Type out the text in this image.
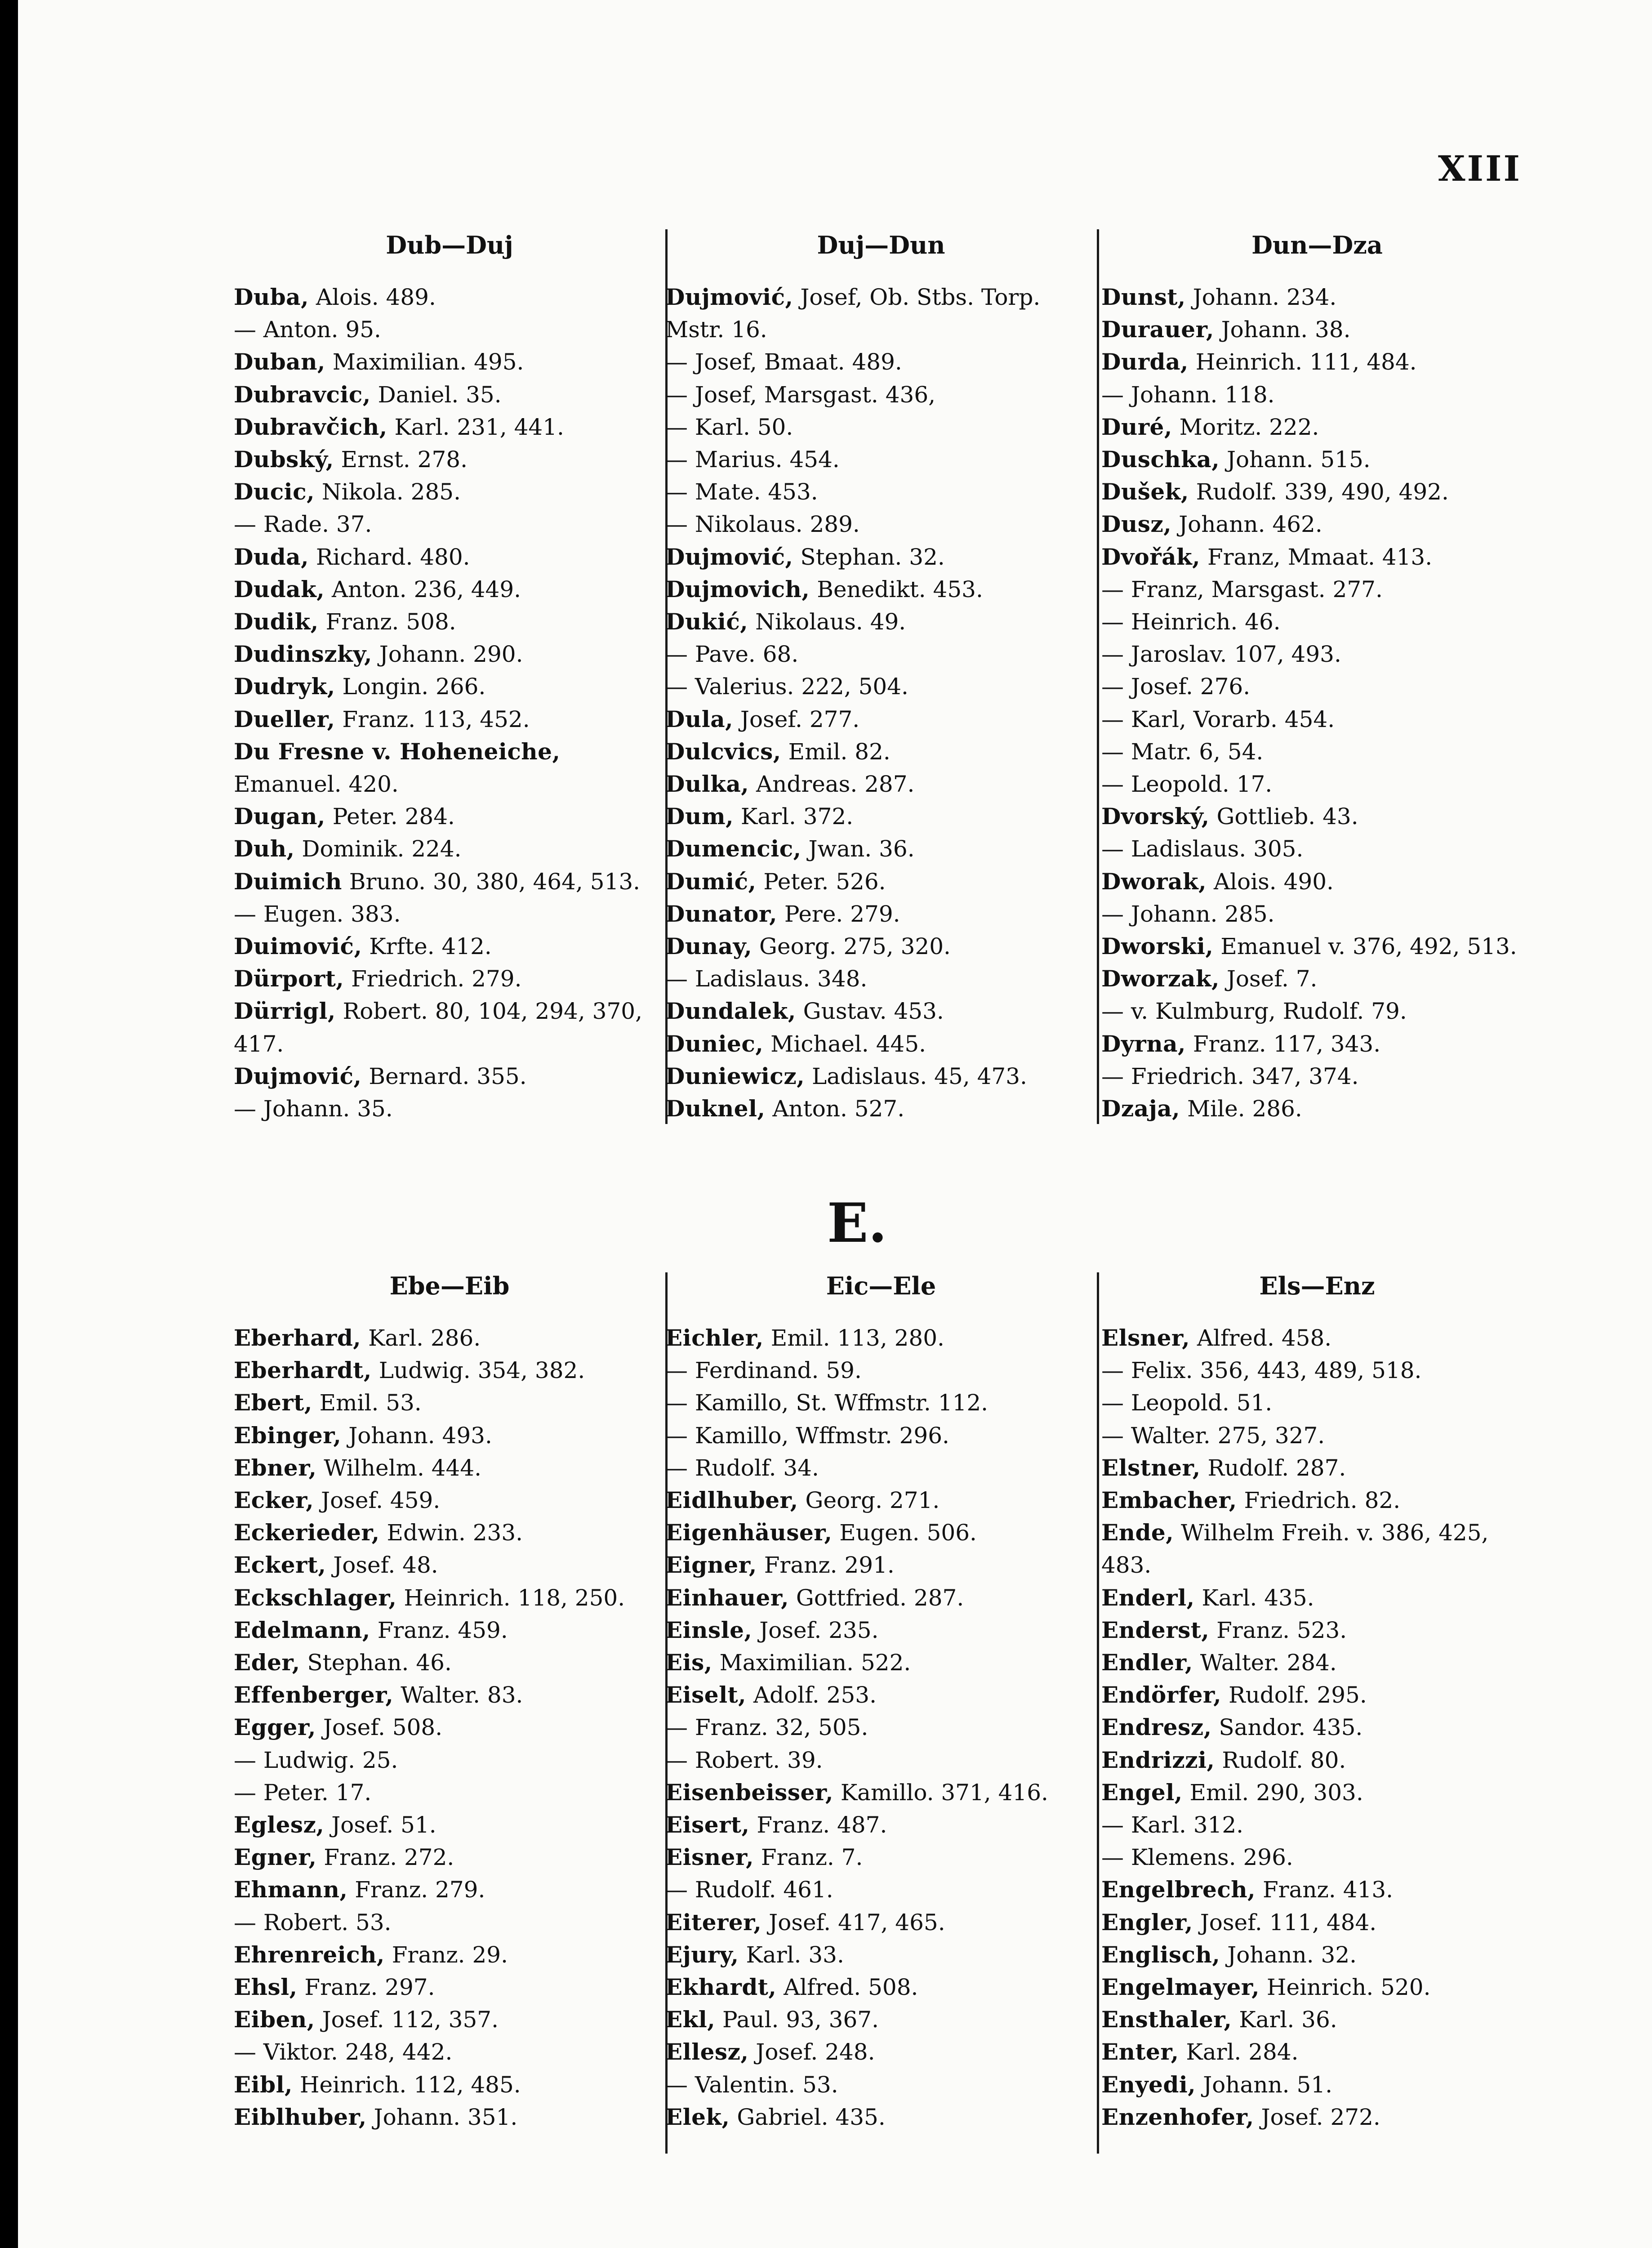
XIII
Dub—Duj
Duba, Alois. 489.
— Anton. 95.
Duban, Maximilian. 495.
Dubravcic, Daniel. 35.
Dubravčich, Karl. 231, 441.
Dubský, Ernst. 278.
Ducic, Nikola. 285.
— Rade. 37.
Duda, Richard. 480.
Dudak, Anton. 236, 449.
Dudik, Franz. 508.
Dudinszky, Johann. 290.
Dudryk, Longin. 266.
Dueller, Franz. 113, 452.
Du Fresne v. Hoheneiche, Emanuel. 420.
Dugan, Peter. 284.
Duh, Dominik. 224.
Duimich Bruno. 30, 380, 464, 513.
— Eugen. 383.
Duimović, Krfte. 412.
Dürport, Friedrich. 279.
Dürrigl, Robert. 80, 104, 294, 370, 417.
Dujmović, Bernard. 355.
— Johann. 35.
Duj—Dun
Dujmović, Josef, Ob. Stbs. Torp. Mstr. 16.
— Josef, Bmaat. 489.
— Josef, Marsgast. 436,
— Karl. 50.
— Marius. 454.
— Mate. 453.
— Nikolaus. 289.
Dujmović, Stephan. 32.
Dujmovich, Benedikt. 453.
Dukić, Nikolaus. 49.
— Pave. 68.
— Valerius. 222, 504.
Dula, Josef. 277.
Dulcvics, Emil. 82.
Dulka, Andreas. 287.
Dum, Karl. 372.
Dumencic, Jwan. 36.
Dumić, Peter. 526.
Dunator, Pere. 279.
Dunay, Georg. 275, 320.
— Ladislaus. 348.
Dundalek, Gustav. 453.
Duniec, Michael. 445.
Duniewicz, Ladislaus. 45, 473.
Duknel, Anton. 527.
Dun—Dza
Dunst, Johann. 234.
Durauer, Johann. 38.
Durda, Heinrich. 111, 484.
— Johann. 118.
Duré, Moritz. 222.
Duschka, Johann. 515.
Dušek, Rudolf. 339, 490, 492.
Dusz, Johann. 462.
Dvořák, Franz, Mmaat. 413.
— Franz, Marsgast. 277.
— Heinrich. 46.
— Jaroslav. 107, 493.
— Josef. 276.
— Karl, Vorarb. 454.
— Matr. 6, 54.
— Leopold. 17.
Dvorský, Gottlieb. 43.
— Ladislaus. 305.
Dworak, Alois. 490.
— Johann. 285.
Dworski, Emanuel v. 376, 492, 513.
Dworzak, Josef. 7.
— v. Kulmburg, Rudolf. 79.
Dyrna, Franz. 117, 343.
— Friedrich. 347, 374.
Dzaja, Mile. 286.
E.
Ebe—Eib
Eberhard, Karl. 286.
Eberhardt, Ludwig. 354, 382.
Ebert, Emil. 53.
Ebinger, Johann. 493.
Ebner, Wilhelm. 444.
Ecker, Josef. 459.
Eckerieder, Edwin. 233.
Eckert, Josef. 48.
Eckschlager, Heinrich. 118, 250.
Edelmann, Franz. 459.
Eder, Stephan. 46.
Effenberger, Walter. 83.
Egger, Josef. 508.
— Ludwig. 25.
— Peter. 17.
Eglesz, Josef. 51.
Egner, Franz. 272.
Ehmann, Franz. 279.
— Robert. 53.
Ehrenreich, Franz. 29.
Ehsl, Franz. 297.
Eiben, Josef. 112, 357.
— Viktor. 248, 442.
Eibl, Heinrich. 112, 485.
Eiblhuber, Johann. 351.
Eic—Ele
Eichler, Emil. 113, 280.
— Ferdinand. 59.
— Kamillo, St. Wffmstr. 112.
— Kamillo, Wffmstr. 296.
— Rudolf. 34.
Eidlhuber, Georg. 271.
Eigenhäuser, Eugen. 506.
Eigner, Franz. 291.
Einhauer, Gottfried. 287.
Einsle, Josef. 235.
Eis, Maximilian. 522.
Eiselt, Adolf. 253.
— Franz. 32, 505.
— Robert. 39.
Eisenbeisser, Kamillo. 371, 416.
Eisert, Franz. 487.
Eisner, Franz. 7.
— Rudolf. 461.
Eiterer, Josef. 417, 465.
Ejury, Karl. 33.
Ekhardt, Alfred. 508.
Ekl, Paul. 93, 367.
Ellesz, Josef. 248.
— Valentin. 53.
Elek, Gabriel. 435.
Els—Enz
Elsner, Alfred. 458.
— Felix. 356, 443, 489, 518.
— Leopold. 51.
— Walter. 275, 327.
Elstner, Rudolf. 287.
Embacher, Friedrich. 82.
Ende, Wilhelm Freih. v. 386, 425, 483.
Enderl, Karl. 435.
Enderst, Franz. 523.
Endler, Walter. 284.
Endörfer, Rudolf. 295.
Endresz, Sandor. 435.
Endrizzi, Rudolf. 80.
Engel, Emil. 290, 303.
— Karl. 312.
— Klemens. 296.
Engelbrech, Franz. 413.
Engler, Josef. 111, 484.
Englisch, Johann. 32.
Engelmayer, Heinrich. 520.
Ensthaler, Karl. 36.
Enter, Karl. 284.
Enyedi, Johann. 51.
Enzenhofer, Josef. 272.
